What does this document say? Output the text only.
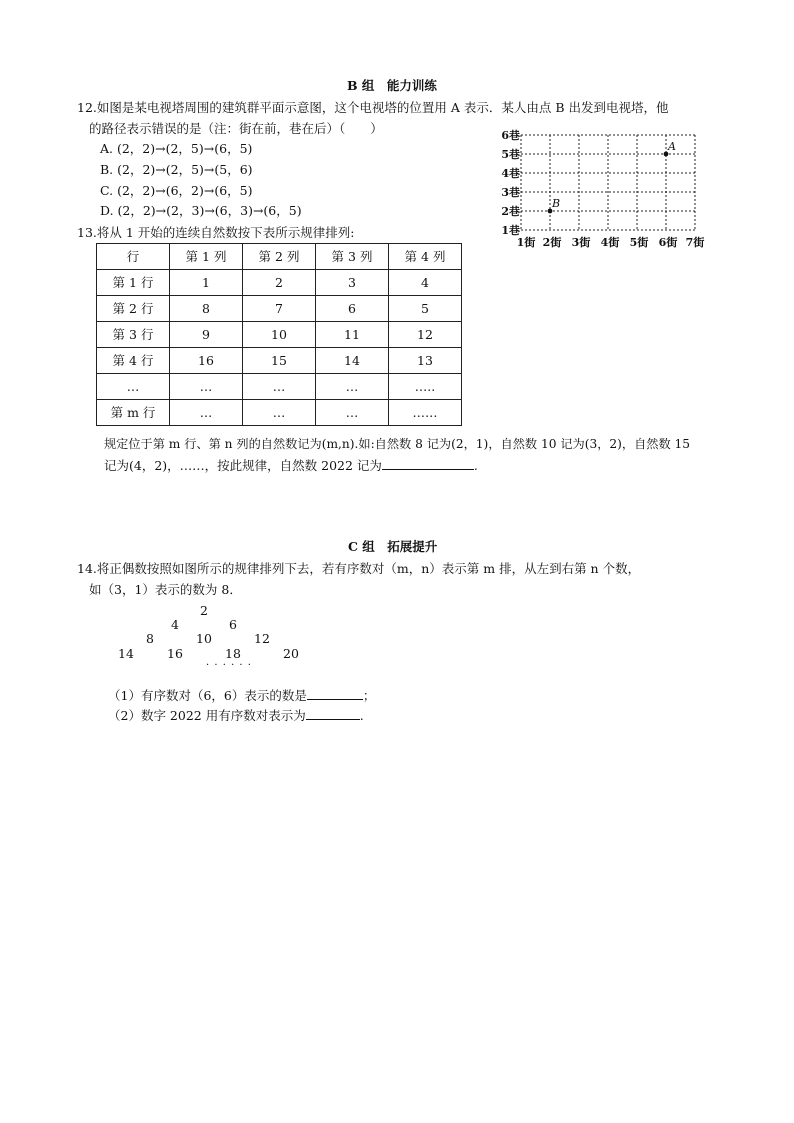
B 组　能力训练
12.如图是某电视塔周围的建筑群平面示意图，这个电视塔的位置用 A 表示．某人由点 B 出发到电视塔，他
的路径表示错误的是（注：街在前，巷在后）（　　）
A. (2，2)→(2，5)→(6，5)
B. (2，2)→(2，5)→(5，6)
C. (2，2)→(6，2)→(6，5)
D. (2，2)→(2，3)→(6，3)→(6，5)
6巷
5巷
4巷
3巷
2巷
1巷
1街 2街 3街 4街 5街 6街 7街
A
B
13.将从 1 开始的连续自然数按下表所示规律排列:
行	第 1 列	第 2 列	第 3 列	第 4 列
第 1 行	1	2	3	4
第 2 行	8	7	6	5
第 3 行	9	10	11	12
第 4 行	16	15	14	13
…	…	…	…	…..
第 m 行	…	…	…	……
规定位于第 m 行、第 n 列的自然数记为(m,n).如:自然数 8 记为(2，1)，自然数 10 记为(3，2)，自然数 15
记为(4，2)，……，按此规律，自然数 2022 记为	.
C 组　拓展提升
14.将正偶数按照如图所示的规律排列下去，若有序数对（m，n）表示第 m 排，从左到右第 n 个数，
如（3，1）表示的数为 8．
2
4	6
8	10	12
14	16	18	20
· · · · · ·
（1）有序数对（6，6）表示的数是	；
（2）数字 2022 用有序数对表示为	.
